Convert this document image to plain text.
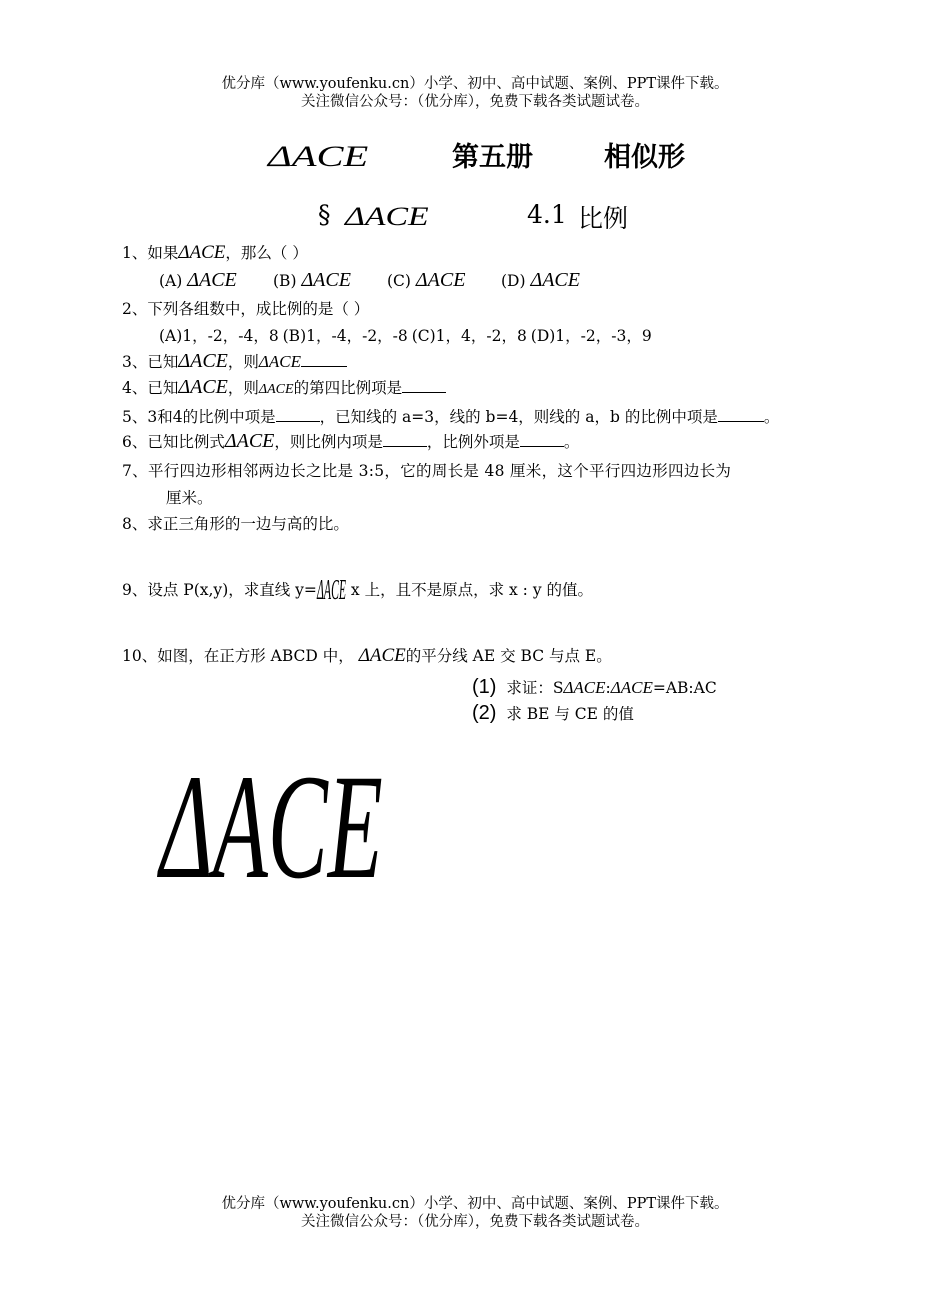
优分库（www.youfenku.cn）小学、初中、高中试题、案例、PPT课件下载。
关注微信公众号：（优分库），免费下载各类试题试卷。
ΔACE	第五册	相似形
§ ΔACE	4.1 比例
1、如果ΔACE，那么（ ）
(A) ΔACE (B) ΔACE (C) ΔACE (D) ΔACE
2、下列各组数中，成比例的是（ ）
(A)1，-2，-4，8 (B)1，-4，-2，-8 (C)1，4，-2，8 (D)1，-2，-3，9
3、已知ΔACE，则ΔACE
4、已知ΔACE，则ΔACE的第四比例项是
5、3和4的比例中项是	，已知线的 a=3，线的 b=4，则线的 a，b 的比例中项是	。
6、已知比例式ΔACE，则比例内项是	，比例外项是	。
7、平行四边形相邻两边长之比是 3:5，它的周长是 48 厘米，这个平行四边形四边长为
厘米。
8、求正三角形的一边与高的比。
9、设点 P(x,y)，求直线 y=ΔACE x 上，且不是原点，求 x : y 的值。
10、如图，在正方形 ABCD 中， ΔACE的平分线 AE 交 BC 与点 E。
(1) 求证：SΔACE:ΔACE=AB:AC
(2) 求 BE 与 CE 的值
ΔACE
优分库（www.youfenku.cn）小学、初中、高中试题、案例、PPT课件下载。
关注微信公众号：（优分库），免费下载各类试题试卷。
